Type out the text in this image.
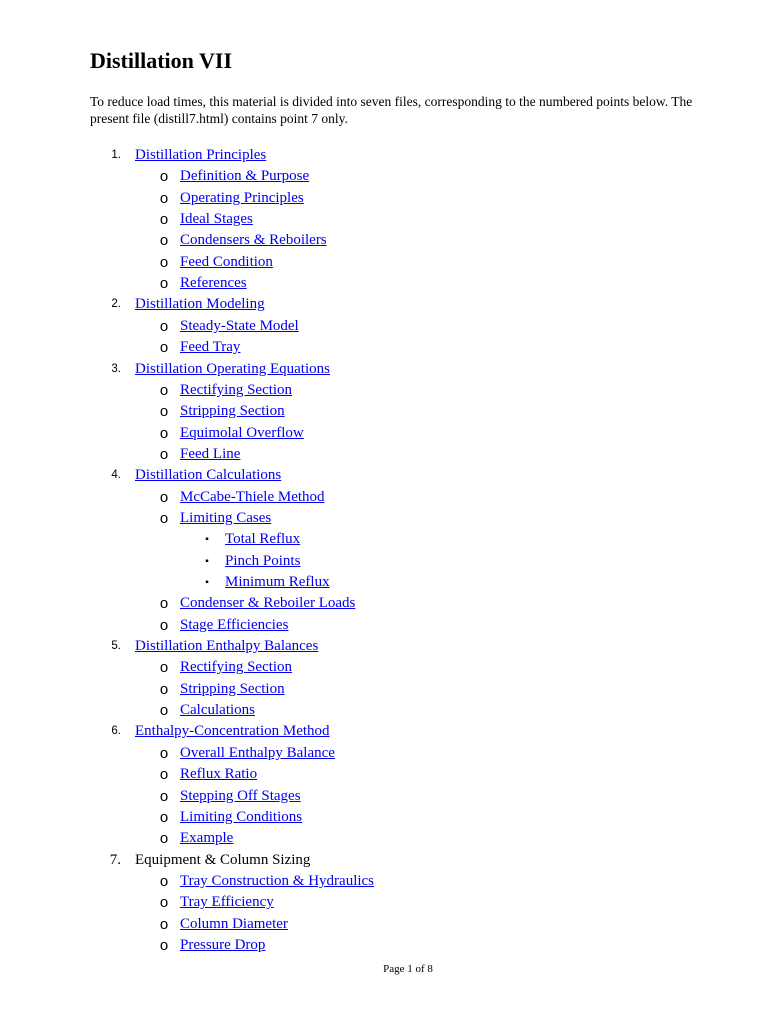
Distillation VII

To reduce load times, this material is divided into seven files, corresponding to the numbered points below. The present file (distill7.html) contains point 7 only.

1. Distillation Principles
o Definition & Purpose
o Operating Principles
o Ideal Stages
o Condensers & Reboilers
o Feed Condition
o References
2. Distillation Modeling
o Steady-State Model
o Feed Tray
3. Distillation Operating Equations
o Rectifying Section
o Stripping Section
o Equimolal Overflow
o Feed Line
4. Distillation Calculations
o McCabe-Thiele Method
o Limiting Cases
▪	Total Reflux
▪	Pinch Points
▪	Minimum Reflux
o Condenser & Reboiler Loads
o Stage Efficiencies
5. Distillation Enthalpy Balances
o Rectifying Section
o Stripping Section
o Calculations
6. Enthalpy-Concentration Method
o Overall Enthalpy Balance
o Reflux Ratio
o Stepping Off Stages
o Limiting Conditions
o Example
7. Equipment & Column Sizing
o Tray Construction & Hydraulics
o Tray Efficiency
o Column Diameter
o Pressure Drop
Page 1 of 8
